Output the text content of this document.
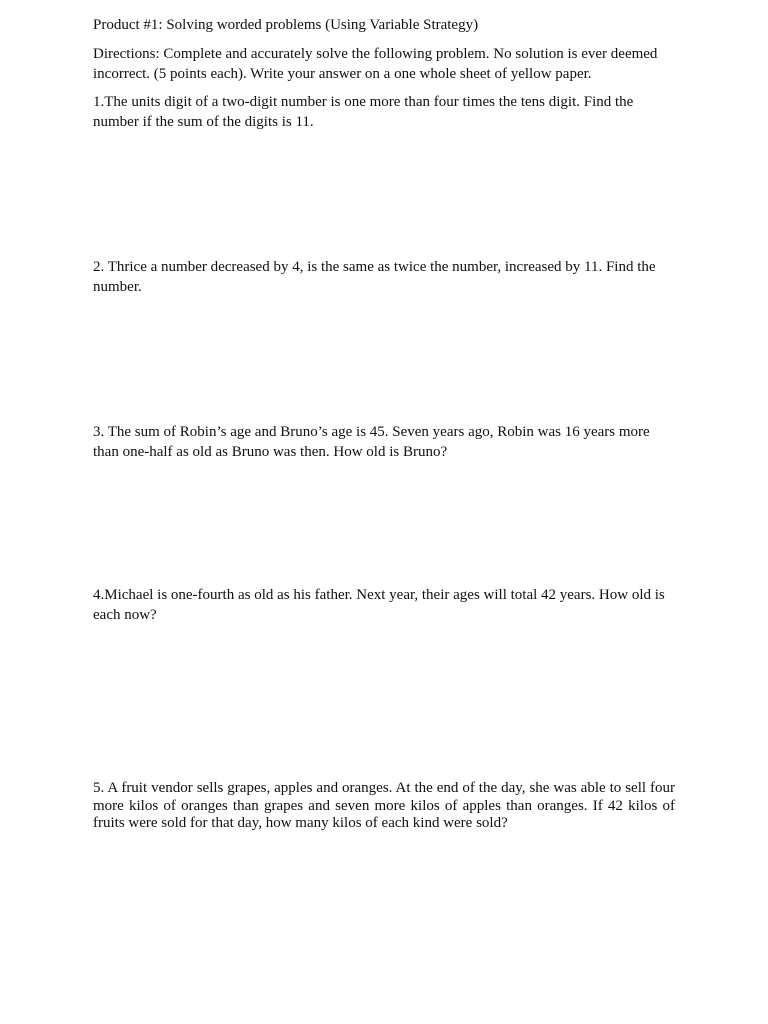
Product #1: Solving worded problems (Using Variable Strategy)
Directions: Complete and accurately solve the following problem. No solution is ever deemed incorrect. (5 points each). Write your answer on a one whole sheet of yellow paper.
1.The units digit of a two-digit number is one more than four times the tens digit. Find the number if the sum of the digits is 11.
2. Thrice a number decreased by 4, is the same as twice the number, increased by 11. Find the number.
3. The sum of Robin’s age and Bruno’s age is 45. Seven years ago, Robin was 16 years more than one-half as old as Bruno was then. How old is Bruno?
4.Michael is one-fourth as old as his father. Next year, their ages will total 42 years. How old is each now?
5. A fruit vendor sells grapes, apples and oranges. At the end of the day, she was able to sell four more kilos of oranges than grapes and seven more kilos of apples than oranges. If 42 kilos of fruits were sold for that day, how many kilos of each kind were sold?
